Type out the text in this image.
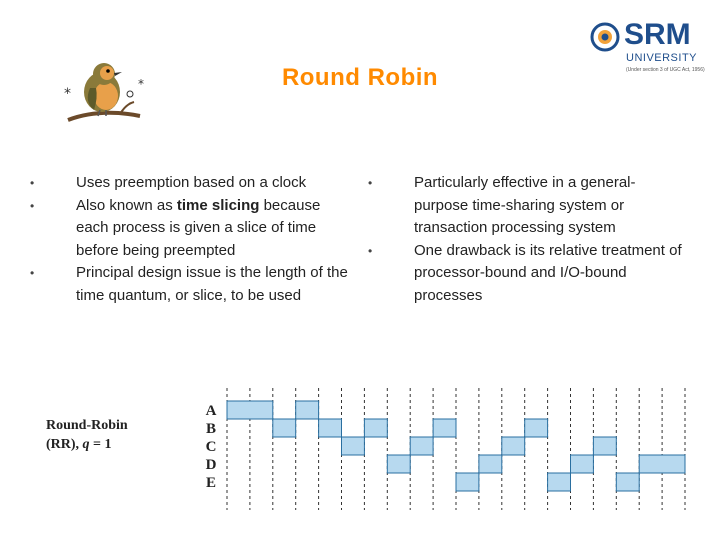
SRM
UNIVERSITY
(Under section 3 of UGC Act, 1956)
*
*	Round Robin
•	Uses preemption based on a clock
•	Also known as time slicing because each process is given a slice of time before being preempted
•	Principal design issue is the length of the time quantum, or slice, to be used
•	Particularly effective in a general-purpose time-sharing system or transaction processing system
•	One drawback is its relative treatment of processor-bound and I/O-bound processes
Round-Robin
(RR), q = 1
A
B
C
D
E
